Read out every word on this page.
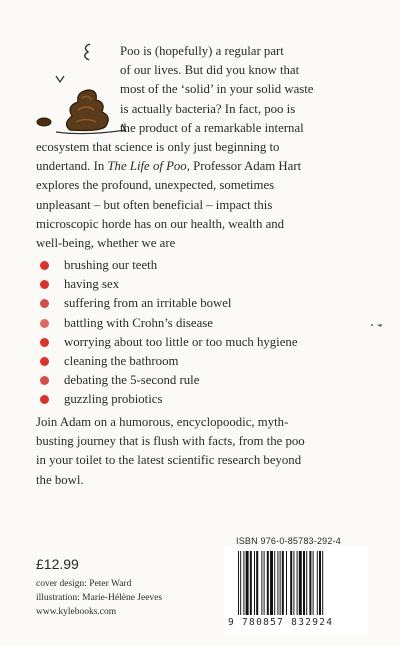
Poo is (hopefully) a regular part
of our lives. But did you know that
most of the ‘solid’ in your solid waste
is actually bacteria? In fact, poo is
the product of a remarkable internal
ecosystem that science is only just beginning to
undertand. In The Life of Poo, Professor Adam Hart
explores the profound, unexpected, sometimes
unpleasant – but often beneficial – impact this
microscopic horde has on our health, wealth and
well-being, whether we are
brushing our teeth
having sex
suffering from an irritable bowel
battling with Crohn’s disease
worrying about too little or too much hygiene
cleaning the bathroom
debating the 5-second rule
guzzling probiotics
Join Adam on a humorous, encyclopoodic, myth-
busting journey that is flush with facts, from the poo
in your toilet to the latest scientific research beyond
the bowl.
£12.99
cover design: Peter Ward
illustration: Marie-Hélène Jeeves
www.kylebooks.com
ISBN 976-0-85783-292-4
9 780857 832924
